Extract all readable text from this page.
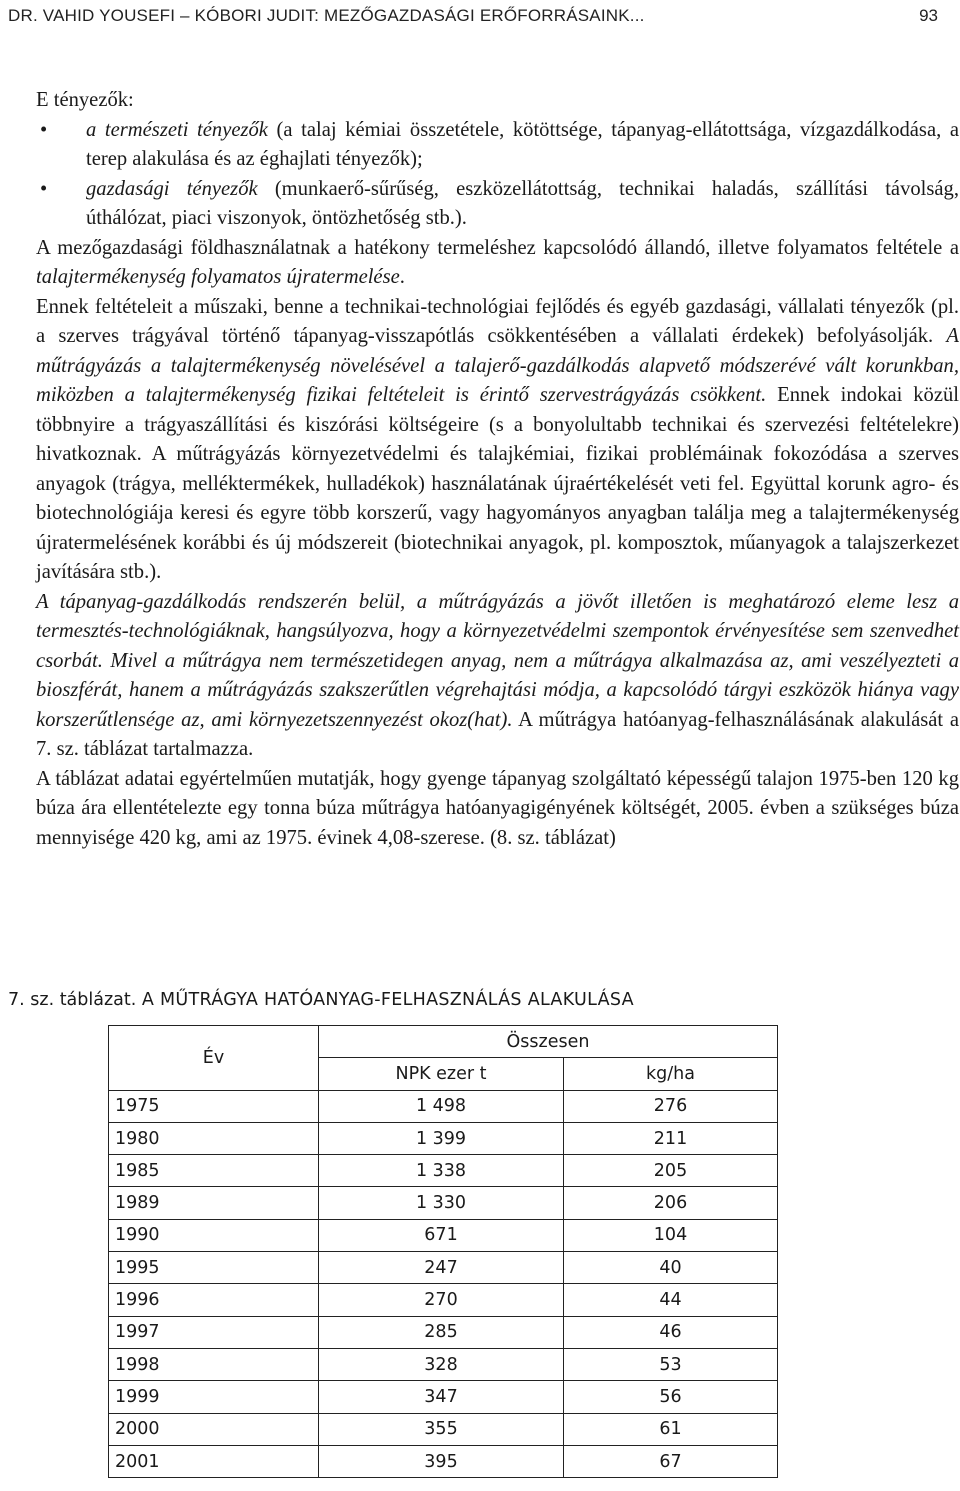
DR. VAHID YOUSEFI – KÓBORI JUDIT: MEZŐGAZDASÁGI ERŐFORRÁSAINK...	93

E tényezők:

• a természeti tényezők (a talaj kémiai összetétele, kötöttsége, tápanyag-ellátottsága, vízgazdálkodása, a terep alakulása és az éghajlati tényezők);
• gazdasági tényezők (munkaerő-sűrűség, eszközellátottság, technikai haladás, szállítási távolság, úthálózat, piaci viszonyok, öntözhetőség stb.).

A mezőgazdasági földhasználatnak a hatékony termeléshez kapcsolódó állandó, illetve folyamatos feltétele a talajtermékenység folyamatos újratermelése.

Ennek feltételeit a műszaki, benne a technikai-technológiai fejlődés és egyéb gazdasági, vállalati tényezők (pl. a szerves trágyával történő tápanyag-visszapótlás csökkentésében a vállalati érdekek) befolyásolják. A műtrágyázás a talajtermékenység növelésével a talajerő-gazdálkodás alapvető módszerévé vált korunkban, miközben a talajtermékenység fizikai feltételeit is érintő szervestrágyázás csökkent. Ennek indokai közül többnyire a trágyaszállítási és kiszórási költségeire (s a bonyolultabb technikai és szervezési feltételekre) hivatkoznak. A műtrágyázás környezetvédelmi és talajkémiai, fizikai problémáinak fokozódása a szerves anyagok (trágya, melléktermékek, hulladékok) használatának újraértékelését veti fel. Együttal korunk agro- és biotechnológiája keresi és egyre több korszerű, vagy hagyományos anyagban találja meg a talajtermékenység újratermelésének korábbi és új módszereit (biotechnikai anyagok, pl. komposztok, műanyagok a talajszerkezet javítására stb.).

A tápanyag-gazdálkodás rendszerén belül, a műtrágyázás a jövőt illetően is meghatározó eleme lesz a termesztés-technológiáknak, hangsúlyozva, hogy a környezetvédelmi szempontok érvényesítése sem szenvedhet csorbát. Mivel a műtrágya nem természetidegen anyag, nem a műtrágya alkalmazása az, ami veszélyezteti a bioszférát, hanem a műtrágyázás szakszerűtlen végrehajtási módja, a kapcsolódó tárgyi eszközök hiánya vagy korszerűtlensége az, ami környezetszennyezést okoz(hat). A műtrágya hatóanyag-felhasználásának alakulását a 7. sz. táblázat tartalmazza.

A táblázat adatai egyértelműen mutatják, hogy gyenge tápanyag szolgáltató képességű talajon 1975-ben 120 kg búza ára ellentételezte egy tonna búza műtrágya hatóanyagigényének költségét, 2005. évben a szükséges búza mennyisége 420 kg, ami az 1975. évinek 4,08-szerese. (8. sz. táblázat)

7. sz. táblázat. A MŰTRÁGYA HATÓANYAG-FELHASZNÁLÁS ALAKULÁSA
Év	Összesen	
	NPK ezer t	kg/ha
1975	1 498	276
1980	1 399	211
1985	1 338	205
1989	1 330	206
1990	671	104
1995	247	40
1996	270	44
1997	285	46
1998	328	53
1999	347	56
2000	355	61
2001	395	67
